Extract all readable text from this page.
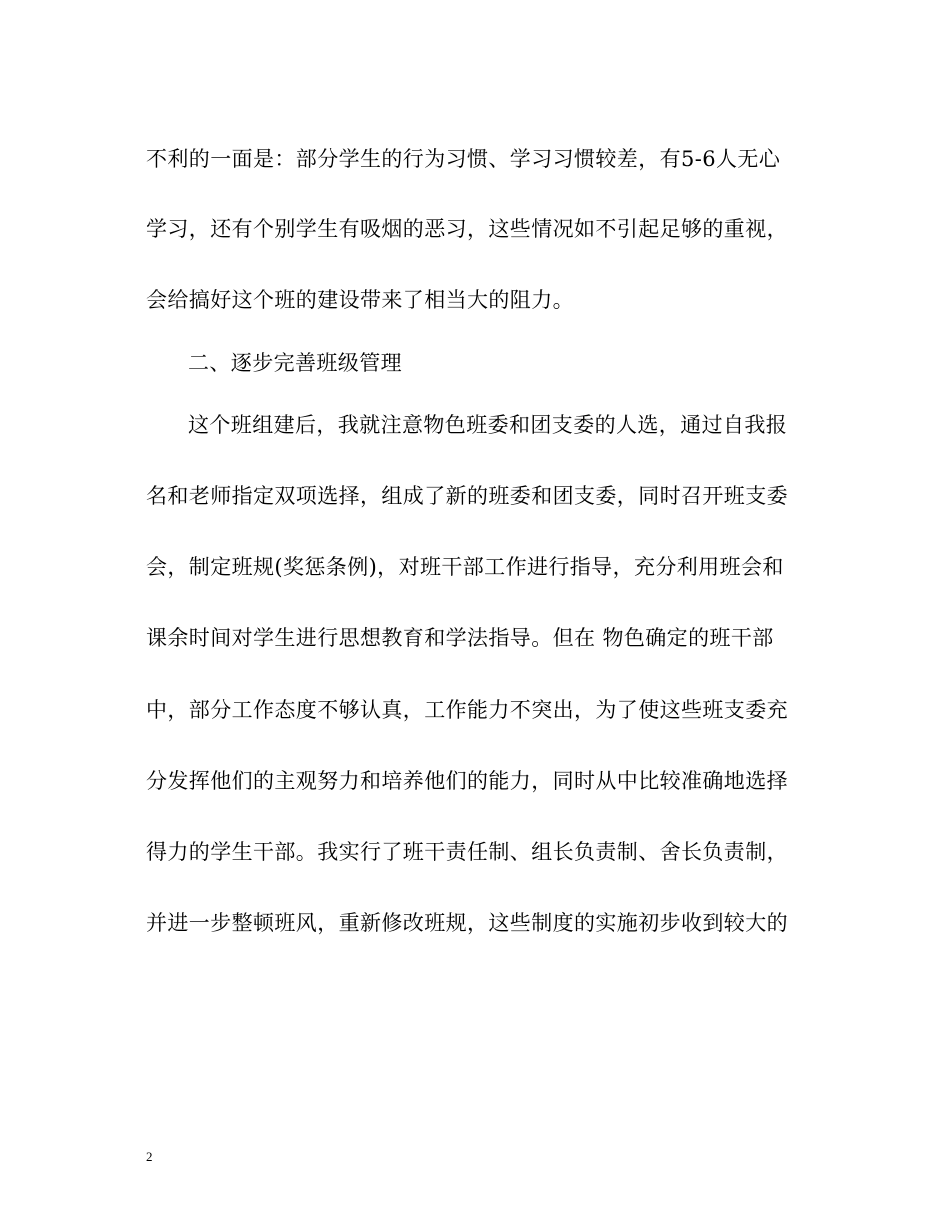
不利的一面是：部分学生的行为习惯、学习习惯较差，有5-6人无心
学习，还有个别学生有吸烟的恶习，这些情况如不引起足够的重视，
会给搞好这个班的建设带来了相当大的阻力。
二、逐步完善班级管理
这个班组建后，我就注意物色班委和团支委的人选，通过自我报
名和老师指定双项选择，组成了新的班委和团支委，同时召开班支委
会，制定班规(奖惩条例)，对班干部工作进行指导，充分利用班会和
课余时间对学生进行思想教育和学法指导。但在 物色确定的班干部
中，部分工作态度不够认真，工作能力不突出，为了使这些班支委充
分发挥他们的主观努力和培养他们的能力，同时从中比较准确地选择
得力的学生干部。我实行了班干责任制、组长负责制、舍长负责制，
并进一步整顿班风，重新修改班规，这些制度的实施初步收到较大的
2
